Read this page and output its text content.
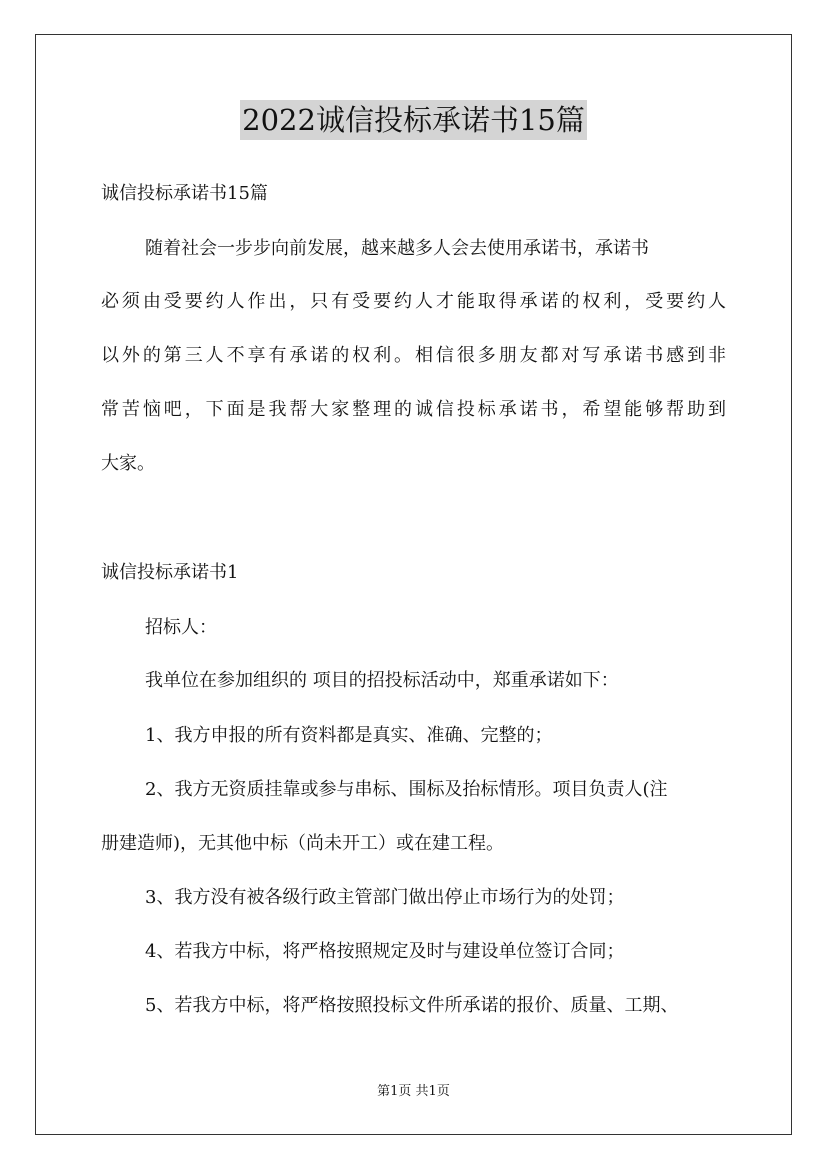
2022诚信投标承诺书15篇
诚信投标承诺书15篇
随着社会一步步向前发展，越来越多人会去使用承诺书，承诺书
必须由受要约人作出，只有受要约人才能取得承诺的权利，受要约人
以外的第三人不享有承诺的权利。相信很多朋友都对写承诺书感到非
常苦恼吧，下面是我帮大家整理的诚信投标承诺书，希望能够帮助到
大家。
诚信投标承诺书1
招标人：
我单位在参加组织的 项目的招投标活动中，郑重承诺如下：
1、我方申报的所有资料都是真实、准确、完整的；
2、我方无资质挂靠或参与串标、围标及抬标情形。项目负责人(注
册建造师)，无其他中标（尚未开工）或在建工程。
3、我方没有被各级行政主管部门做出停止市场行为的处罚；
4、若我方中标，将严格按照规定及时与建设单位签订合同；
5、若我方中标，将严格按照投标文件所承诺的报价、质量、工期、
第1页 共1页
